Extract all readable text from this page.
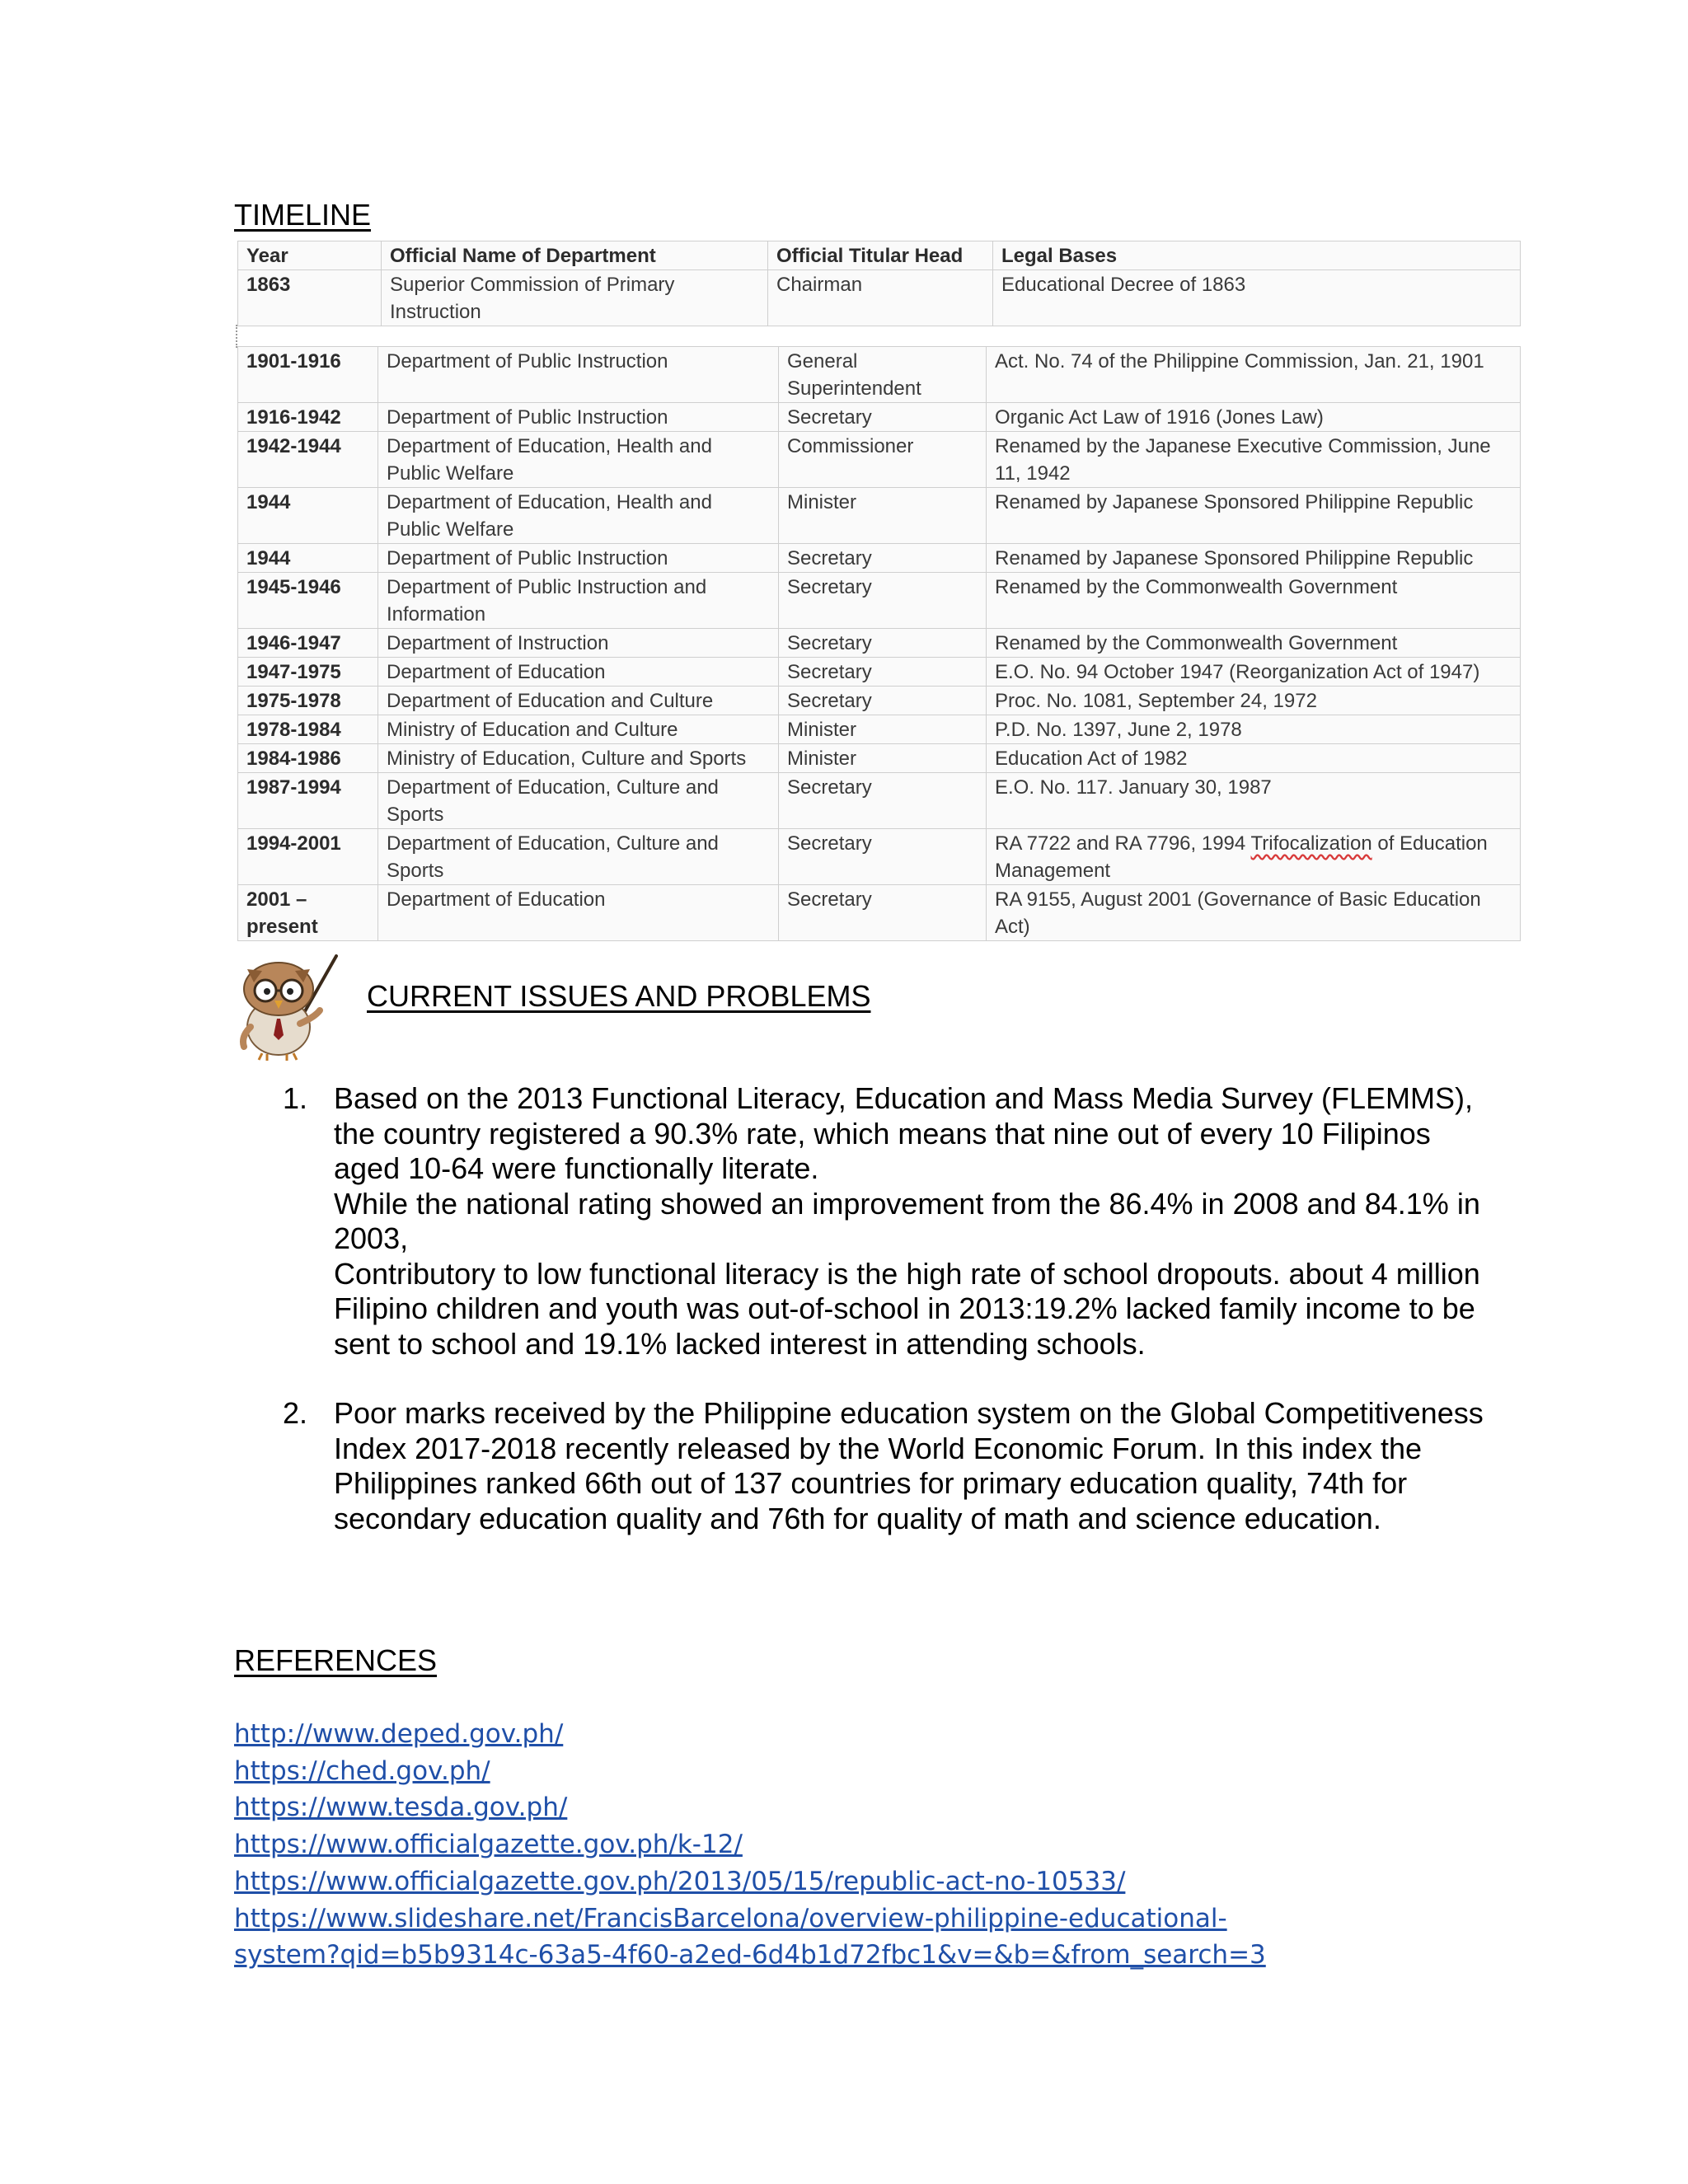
TIMELINE
Year	Official Name of Department	Official Titular Head	Legal Bases
1863	Superior Commission of Primary Instruction	Chairman	Educational Decree of 1863
1901-1916	Department of Public Instruction	General Superintendent	Act. No. 74 of the Philippine Commission, Jan. 21, 1901
1916-1942	Department of Public Instruction	Secretary	Organic Act Law of 1916 (Jones Law)
1942-1944	Department of Education, Health and Public Welfare	Commissioner	Renamed by the Japanese Executive Commission, June 11, 1942
1944	Department of Education, Health and Public Welfare	Minister	Renamed by Japanese Sponsored Philippine Republic
1944	Department of Public Instruction	Secretary	Renamed by Japanese Sponsored Philippine Republic
1945-1946	Department of Public Instruction and Information	Secretary	Renamed by the Commonwealth Government
1946-1947	Department of Instruction	Secretary	Renamed by the Commonwealth Government
1947-1975	Department of Education	Secretary	E.O. No. 94 October 1947 (Reorganization Act of 1947)
1975-1978	Department of Education and Culture	Secretary	Proc. No. 1081, September 24, 1972
1978-1984	Ministry of Education and Culture	Minister	P.D. No. 1397, June 2, 1978
1984-1986	Ministry of Education, Culture and Sports	Minister	Education Act of 1982
1987-1994	Department of Education, Culture and Sports	Secretary	E.O. No. 117. January 30, 1987
1994-2001	Department of Education, Culture and Sports	Secretary	RA 7722 and RA 7796, 1994 Trifocalization of Education Management
2001 – present	Department of Education	Secretary	RA 9155, August 2001 (Governance of Basic Education Act)
CURRENT ISSUES AND PROBLEMS
1. Based on the 2013 Functional Literacy, Education and Mass Media Survey (FLEMMS), the country registered a 90.3% rate, which means that nine out of every 10 Filipinos aged 10-64 were functionally literate.

While the national rating showed an improvement from the 86.4% in 2008 and 84.1% in 2003,

Contributory to low functional literacy is the high rate of school dropouts. about 4 million Filipino children and youth was out-of-school in 2013:19.2% lacked family income to be sent to school and 19.1% lacked interest in attending schools.

2. Poor marks received by the Philippine education system on the Global Competitiveness Index 2017-2018 recently released by the World Economic Forum. In this index the Philippines ranked 66th out of 137 countries for primary education quality, 74th for secondary education quality and 76th for quality of math and science education.

REFERENCES
http://www.deped.gov.ph/
https://ched.gov.ph/
https://www.tesda.gov.ph/
https://www.officialgazette.gov.ph/k-12/
https://www.officialgazette.gov.ph/2013/05/15/republic-act-no-10533/
https://www.slideshare.net/FrancisBarcelona/overview-philippine-educational-
system?qid=b5b9314c-63a5-4f60-a2ed-6d4b1d72fbc1&v=&b=&from_search=3
